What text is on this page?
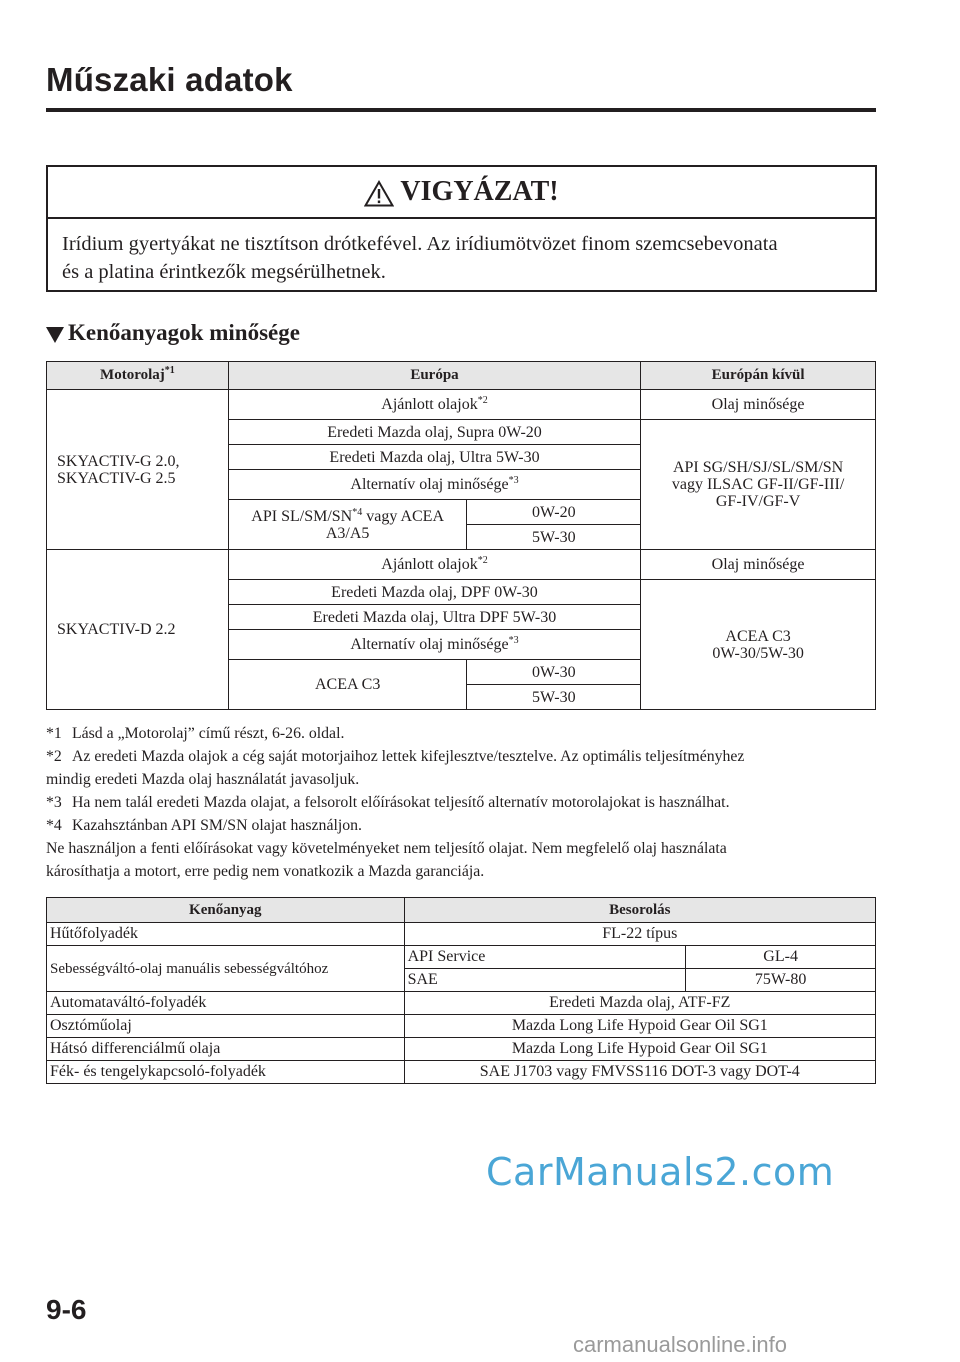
Műszaki adatok
VIGYÁZAT!
Irídium gyertyákat ne tisztítson drótkefével. Az irídiumötvözet finom szemcsebevonata
és a platina érintkezők megsérülhetnek.
Kenőanyagok minősége
Motorolaj$^{*1}$	Európa		Európán kívül

SKYACTIV-G 2.0,
SKYACTIV-G 2.5	Ajánlott olajok$^{*2}$		Olaj minősége
	Eredeti Mazda olaj, Supra 0W-20		API SG/SH/SJ/SL/SM/SN
vagy ILSAC GF-II/GF-III/
GF-IV/GF-V

	Eredeti Mazda olaj, Ultra 5W-30		
	Alternatív olaj minősége$^{*3}$

	API SL/SM/SN$^{*4}$ vagy ACEA
A3/A5	0W-20	
		5W-30	
SKYACTIV-D 2.2	Ajánlott olajok$^{*2}$		Olaj minősége
	Eredeti Mazda olaj, DPF 0W-30		ACEA C3
0W-30/5W-30

	Eredeti Mazda olaj, Ultra DPF 5W-30		
	Alternatív olaj minősége$^{*3}$
	ACEA C3	0W-30	
		5W-30	
*1 Lásd a „Motorolaj” című részt, 6-26. oldal.
*2 Az eredeti Mazda olajok a cég saját motorjaihoz lettek kifejlesztve/tesztelve. Az optimális teljesítményhez
mindig eredeti Mazda olaj használatát javasoljuk.
*3 Ha nem talál eredeti Mazda olajat, a felsorolt előírásokat teljesítő alternatív motorolajokat is használhat.
*4 Kazahsztánban API SM/SN olajat használjon.
Ne használjon a fenti előírásokat vagy követelményeket nem teljesítő olajat. Nem megfelelő olaj használata
károsíthatja a motort, erre pedig nem vonatkozik a Mazda garanciája.
Kenőanyag	Besorolás	
Hűtőfolyadék	FL-22 típus	
Sebességváltó-olaj manuális sebességváltóhoz	API Service	GL-4
	SAE	75W-80
Automataváltó-folyadék	Eredeti Mazda olaj, ATF-FZ	
Osztóműolaj	Mazda Long Life Hypoid Gear Oil SG1	
Hátsó differenciálmű olaja	Mazda Long Life Hypoid Gear Oil SG1	
Fék- és tengelykapcsoló-folyadék	SAE J1703 vagy FMVSS116 DOT-3 vagy DOT-4	
CarManuals2.com
9-6
carmanualsonline.info
